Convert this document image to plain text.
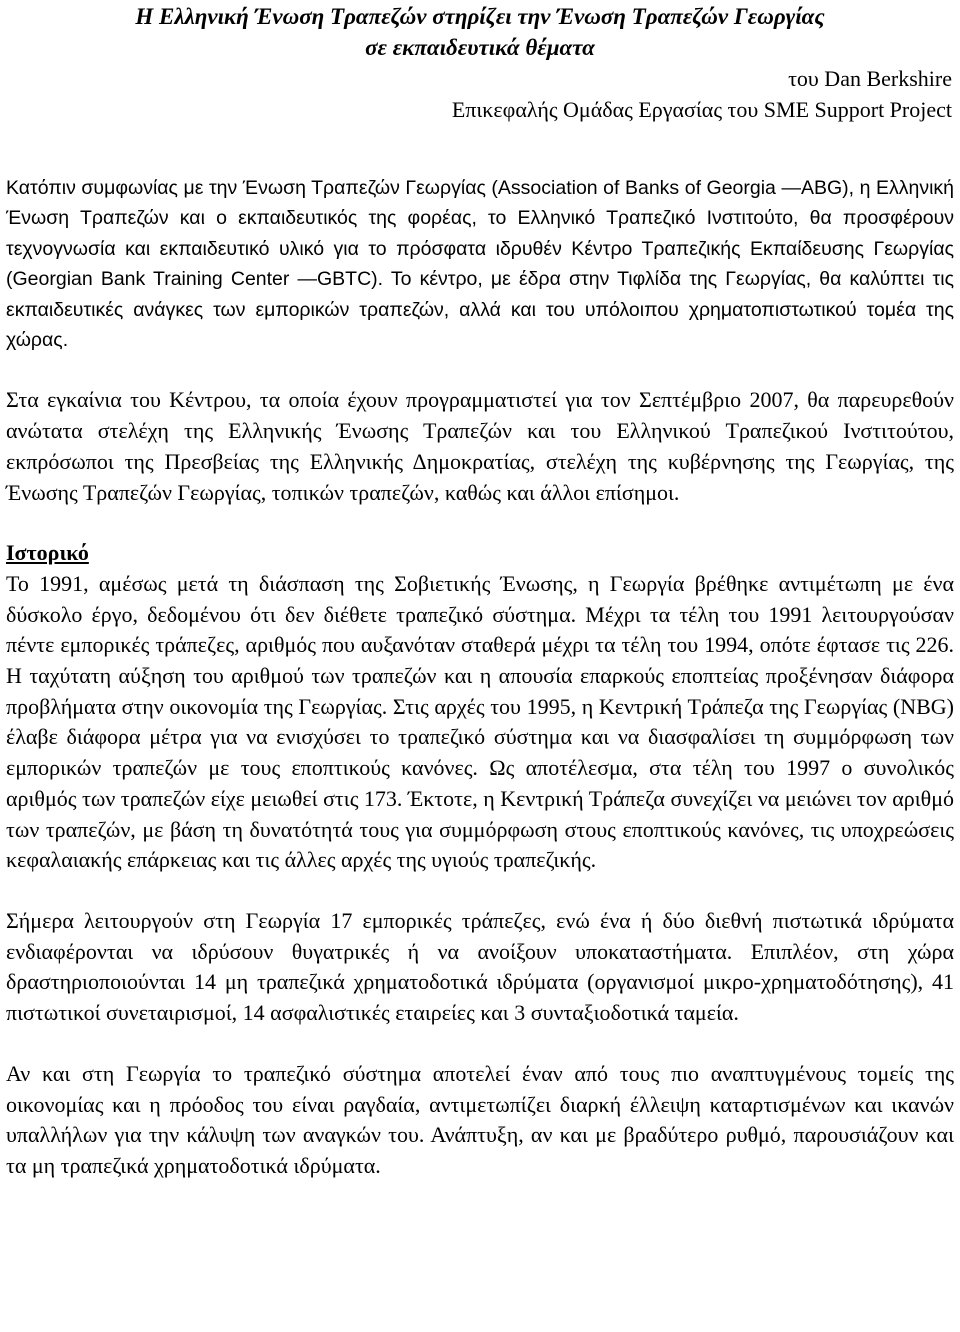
Η Ελληνική Ένωση Τραπεζών στηρίζει την Ένωση Τραπεζών Γεωργίας
σε εκπαιδευτικά θέματα

του Dan Berkshire

Επικεφαλής Ομάδας Εργασίας του SME Support Project

Κατόπιν συμφωνίας με την Ένωση Τραπεζών Γεωργίας (Association of Banks of Georgia —ABG), η Ελληνική Ένωση Τραπεζών και ο εκπαιδευτικός της φορέας, το Ελληνικό Τραπεζικό Ινστιτούτο, θα προσφέρουν τεχνογνωσία και εκπαιδευτικό υλικό για το πρόσφατα ιδρυθέν Κέντρο Τραπεζικής Εκπαίδευσης Γεωργίας (Georgian Bank Training Center —GBTC). Το κέντρο, με έδρα στην Τιφλίδα της Γεωργίας, θα καλύπτει τις εκπαιδευτικές ανάγκες των εμπορικών τραπεζών, αλλά και του υπόλοιπου χρηματοπιστωτικού τομέα της χώρας.

Στα εγκαίνια του Κέντρου, τα οποία έχουν προγραμματιστεί για τον Σεπτέμβριο 2007, θα παρευρεθούν ανώτατα στελέχη της Ελληνικής Ένωσης Τραπεζών και του Ελληνικού Τραπεζικού Ινστιτούτου, εκπρόσωποι της Πρεσβείας της Ελληνικής Δημοκρατίας, στελέχη της κυβέρνησης της Γεωργίας, της Ένωσης Τραπεζών Γεωργίας, τοπικών τραπεζών, καθώς και άλλοι επίσημοι.

Ιστορικό

Το 1991, αμέσως μετά τη διάσπαση της Σοβιετικής Ένωσης, η Γεωργία βρέθηκε αντιμέτωπη με ένα δύσκολο έργο, δεδομένου ότι δεν διέθετε τραπεζικό σύστημα. Μέχρι τα τέλη του 1991 λειτουργούσαν πέντε εμπορικές τράπεζες, αριθμός που αυξανόταν σταθερά μέχρι τα τέλη του 1994, οπότε έφτασε τις 226. Η ταχύτατη αύξηση του αριθμού των τραπεζών και η απουσία επαρκούς εποπτείας προξένησαν διάφορα προβλήματα στην οικονομία της Γεωργίας. Στις αρχές του 1995, η Κεντρική Τράπεζα της Γεωργίας (NBG) έλαβε διάφορα μέτρα για να ενισχύσει το τραπεζικό σύστημα και να διασφαλίσει τη συμμόρφωση των εμπορικών τραπεζών με τους εποπτικούς κανόνες. Ως αποτέλεσμα, στα τέλη του 1997 ο συνολικός αριθμός των τραπεζών είχε μειωθεί στις 173. Έκτοτε, η Κεντρική Τράπεζα συνεχίζει να μειώνει τον αριθμό των τραπεζών, με βάση τη δυνατότητά τους για συμμόρφωση στους εποπτικούς κανόνες, τις υποχρεώσεις κεφαλαιακής επάρκειας και τις άλλες αρχές της υγιούς τραπεζικής.

Σήμερα λειτουργούν στη Γεωργία 17 εμπορικές τράπεζες, ενώ ένα ή δύο διεθνή πιστωτικά ιδρύματα ενδιαφέρονται να ιδρύσουν θυγατρικές ή να ανοίξουν υποκαταστήματα. Επιπλέον, στη χώρα δραστηριοποιούνται 14 μη τραπεζικά χρηματοδοτικά ιδρύματα (οργανισμοί μικρο-χρηματοδότησης), 41 πιστωτικοί συνεταιρισμοί, 14 ασφαλιστικές εταιρείες και 3 συνταξιοδοτικά ταμεία.

Αν και στη Γεωργία το τραπεζικό σύστημα αποτελεί έναν από τους πιο αναπτυγμένους τομείς της οικονομίας και η πρόοδος του είναι ραγδαία, αντιμετωπίζει διαρκή έλλειψη καταρτισμένων και ικανών υπαλλήλων για την κάλυψη των αναγκών του. Ανάπτυξη, αν και με βραδύτερο ρυθμό, παρουσιάζουν και τα μη τραπεζικά χρηματοδοτικά ιδρύματα.
